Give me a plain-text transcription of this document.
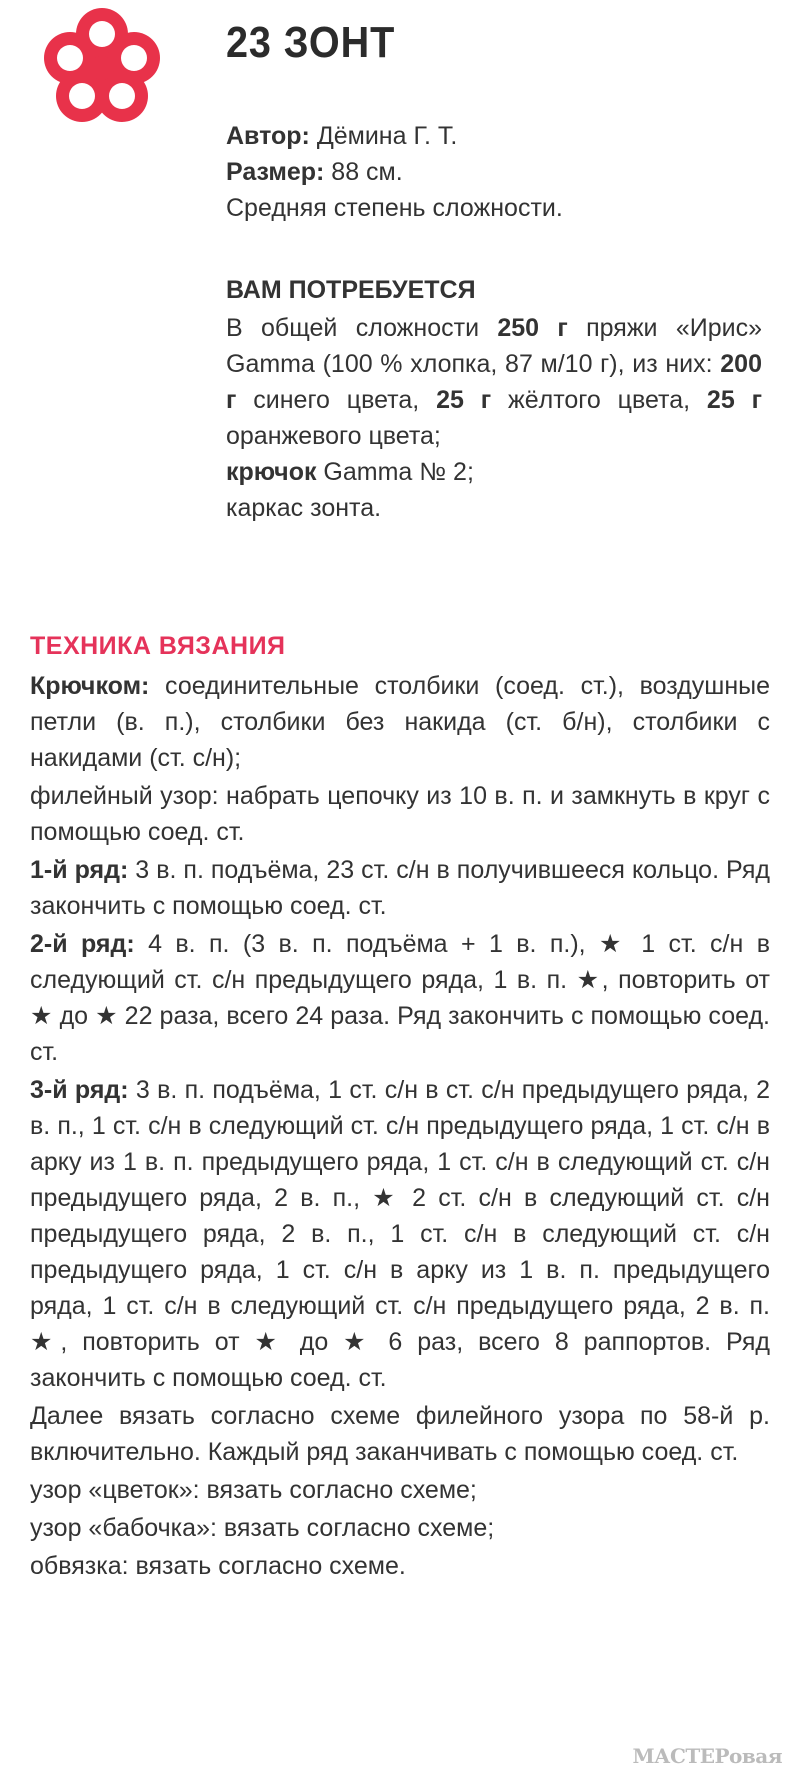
23 ЗОНТ
Автор: Дёмина Г. Т.
Размер: 88 см.
Средняя степень сложности.
ВАМ ПОТРЕБУЕТСЯ
В общей сложности 250 г пряжи «Ирис» Gamma (100 % хлопка, 87 м/10 г), из них: 200 г синего цвета, 25 г жёлтого цвета, 25 г оранжевого цвета;
крючок Gamma № 2;
каркас зонта.
ТЕХНИКА ВЯЗАНИЯ

Крючком: соединительные столбики (соед. ст.), воздушные петли (в. п.), столбики без накида (ст. б/н), столбики с накидами (ст. с/н);

филейный узор: набрать цепочку из 10 в. п. и замкнуть в круг с помощью соед. ст.

1-й ряд: 3 в. п. подъёма, 23 ст. с/н в получившееся кольцо. Ряд закончить с помощью соед. ст.

2-й ряд: 4 в. п. (3 в. п. подъёма + 1 в. п.), ★ 1 ст. с/н в следующий ст. с/н предыдущего ряда, 1 в. п. ★, повторить от ★ до ★ 22 раза, всего 24 раза. Ряд закончить с помощью соед. ст.

3-й ряд: 3 в. п. подъёма, 1 ст. с/н в ст. с/н предыдущего ряда, 2 в. п., 1 ст. с/н в следующий ст. с/н предыдущего ряда, 1 ст. с/н в арку из 1 в. п. предыдущего ряда, 1 ст. с/н в следующий ст. с/н предыдущего ряда, 2 в. п., ★ 2 ст. с/н в следующий ст. с/н предыдущего ряда, 2 в. п., 1 ст. с/н в следующий ст. с/н предыдущего ряда, 1 ст. с/н в арку из 1 в. п. предыдущего ряда, 1 ст. с/н в следующий ст. с/н предыдущего ряда, 2 в. п. ★, повторить от ★ до ★ 6 раз, всего 8 раппортов. Ряд закончить с помощью соед. ст.

Далее вязать согласно схеме филейного узора по 58-й р. включительно. Каждый ряд заканчивать с помощью соед. ст.

узор «цветок»: вязать согласно схеме;

узор «бабочка»: вязать согласно схеме;

обвязка: вязать согласно схеме.

МАСТЕРовая
